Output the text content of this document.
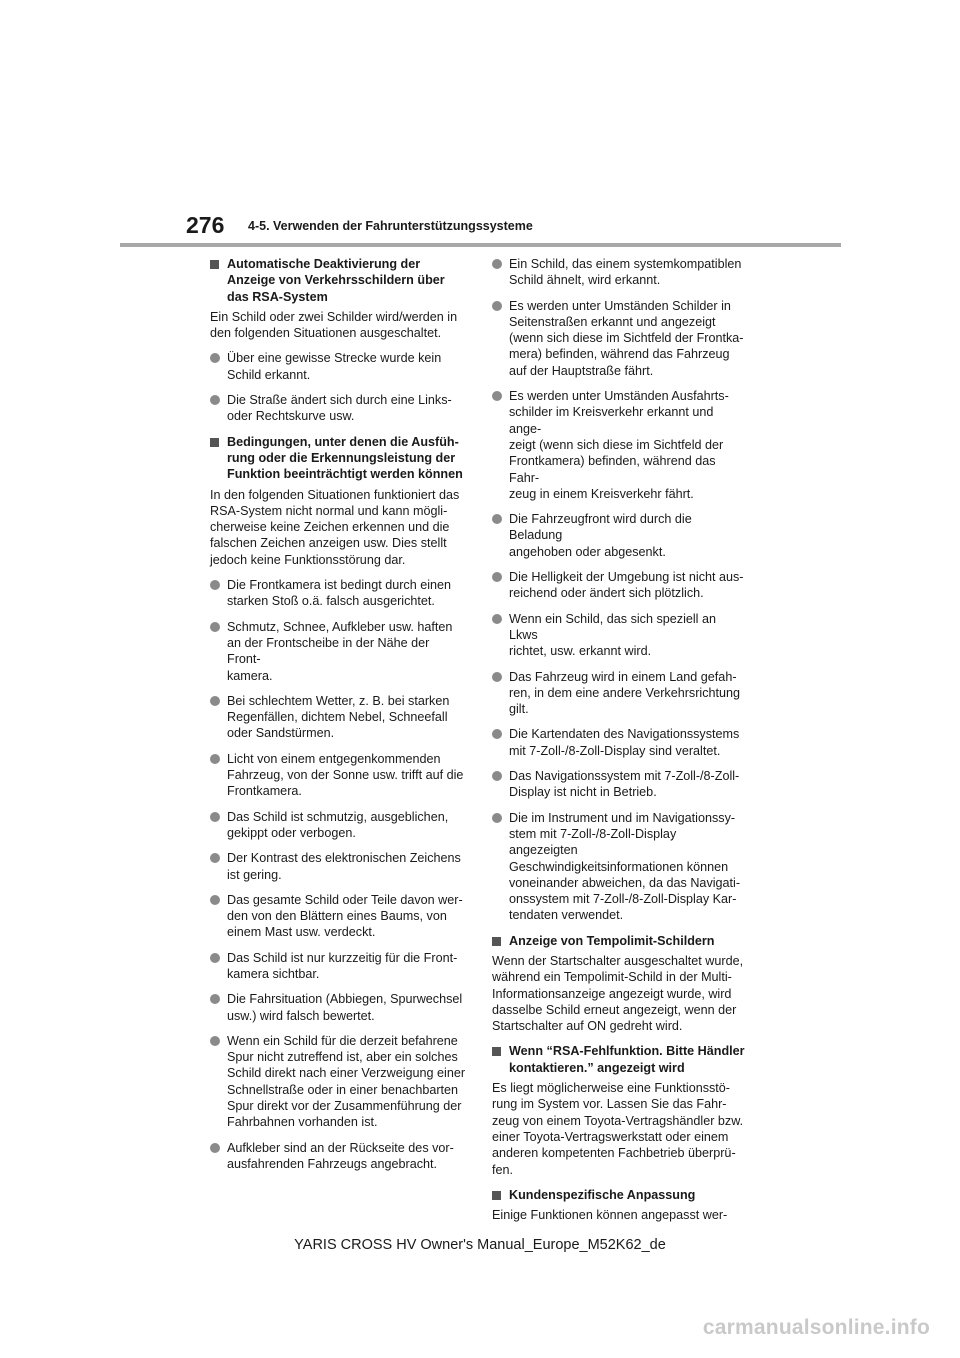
276 4-5. Verwenden der Fahrunterstützungssysteme
Automatische Deaktivierung der
Anzeige von Verkehrsschildern über
das RSA-System
Ein Schild oder zwei Schilder wird/werden in
den folgenden Situationen ausgeschaltet.
Über eine gewisse Strecke wurde kein
Schild erkannt.
Die Straße ändert sich durch eine Links-
oder Rechtskurve usw.
Bedingungen, unter denen die Ausfüh-
rung oder die Erkennungsleistung der
Funktion beeinträchtigt werden können
In den folgenden Situationen funktioniert das
RSA-System nicht normal und kann mögli-
cherweise keine Zeichen erkennen und die
falschen Zeichen anzeigen usw. Dies stellt
jedoch keine Funktionsstörung dar.
Die Frontkamera ist bedingt durch einen
starken Stoß o.ä. falsch ausgerichtet.
Schmutz, Schnee, Aufkleber usw. haften
an der Frontscheibe in der Nähe der Front-
kamera.
Bei schlechtem Wetter, z. B. bei starken
Regenfällen, dichtem Nebel, Schneefall
oder Sandstürmen.
Licht von einem entgegenkommenden
Fahrzeug, von der Sonne usw. trifft auf die
Frontkamera.
Das Schild ist schmutzig, ausgeblichen,
gekippt oder verbogen.
Der Kontrast des elektronischen Zeichens
ist gering.
Das gesamte Schild oder Teile davon wer-
den von den Blättern eines Baums, von
einem Mast usw. verdeckt.
Das Schild ist nur kurzzeitig für die Front-
kamera sichtbar.
Die Fahrsituation (Abbiegen, Spurwechsel
usw.) wird falsch bewertet.
Wenn ein Schild für die derzeit befahrene
Spur nicht zutreffend ist, aber ein solches
Schild direkt nach einer Verzweigung einer
Schnellstraße oder in einer benachbarten
Spur direkt vor der Zusammenführung der
Fahrbahnen vorhanden ist.
Aufkleber sind an der Rückseite des vor-
ausfahrenden Fahrzeugs angebracht.
Ein Schild, das einem systemkompatiblen
Schild ähnelt, wird erkannt.
Es werden unter Umständen Schilder in
Seitenstraßen erkannt und angezeigt
(wenn sich diese im Sichtfeld der Frontka-
mera) befinden, während das Fahrzeug
auf der Hauptstraße fährt.
Es werden unter Umständen Ausfahrts-
schilder im Kreisverkehr erkannt und ange-
zeigt (wenn sich diese im Sichtfeld der
Frontkamera) befinden, während das Fahr-
zeug in einem Kreisverkehr fährt.
Die Fahrzeugfront wird durch die Beladung
angehoben oder abgesenkt.
Die Helligkeit der Umgebung ist nicht aus-
reichend oder ändert sich plötzlich.
Wenn ein Schild, das sich speziell an Lkws
richtet, usw. erkannt wird.
Das Fahrzeug wird in einem Land gefah-
ren, in dem eine andere Verkehrsrichtung
gilt.
Die Kartendaten des Navigationssystems
mit 7-Zoll-/8-Zoll-Display sind veraltet.
Das Navigationssystem mit 7-Zoll-/8-Zoll-
Display ist nicht in Betrieb.
Die im Instrument und im Navigationssy-
stem mit 7-Zoll-/8-Zoll-Display angezeigten
Geschwindigkeitsinformationen können
voneinander abweichen, da das Navigati-
onssystem mit 7-Zoll-/8-Zoll-Display Kar-
tendaten verwendet.
Anzeige von Tempolimit-Schildern
Wenn der Startschalter ausgeschaltet wurde,
während ein Tempolimit-Schild in der Multi-
Informationsanzeige angezeigt wurde, wird
dasselbe Schild erneut angezeigt, wenn der
Startschalter auf ON gedreht wird.
Wenn “RSA-Fehlfunktion. Bitte Händler
kontaktieren.” angezeigt wird
Es liegt möglicherweise eine Funktionsstö-
rung im System vor. Lassen Sie das Fahr-
zeug von einem Toyota-Vertragshändler bzw.
einer Toyota-Vertragswerkstatt oder einem
anderen kompetenten Fachbetrieb überprü-
fen.
Kundenspezifische Anpassung
Einige Funktionen können angepasst wer-
YARIS CROSS HV Owner's Manual_Europe_M52K62_de
carmanualsonline.info
